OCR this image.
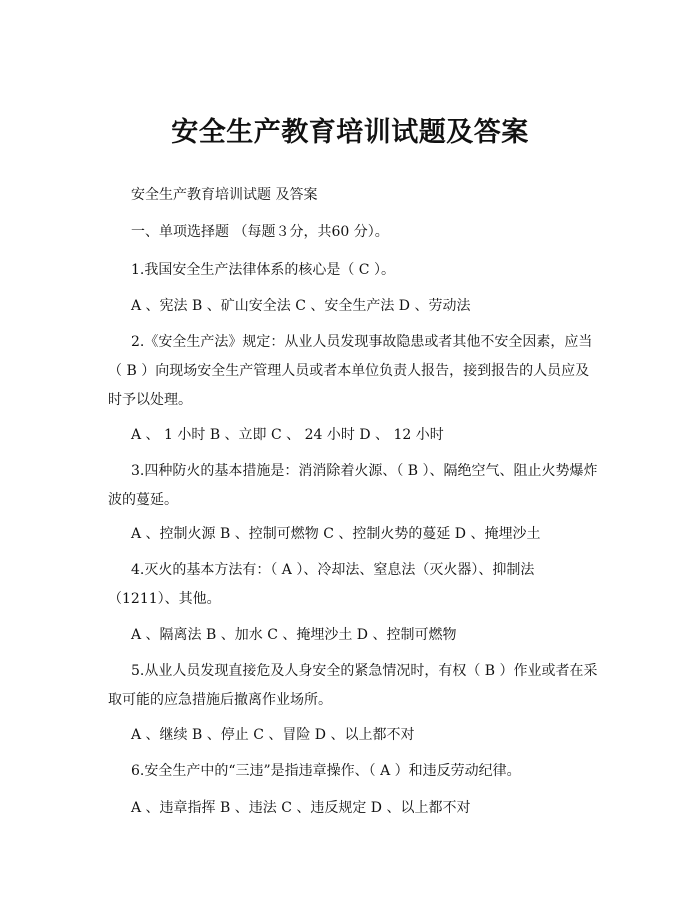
安全生产教育培训试题及答案
安全生产教育培训试题 及答案
一、单项选择题 （每题３分，共60 分）。
1.我国安全生产法律体系的核心是（ C ）。
A 、宪法 B 、矿山安全法 C 、安全生产法 D 、劳动法
2.《安全生产法》规定：从业人员发现事故隐患或者其他不安全因素，应当（ B ）向现场安全生产管理人员或者本单位负责人报告，接到报告的人员应及时予以处理。
A 、 1 小时 B 、立即 C 、 24 小时 D 、 12 小时
3.四种防火的基本措施是：消消除着火源、（ B ）、隔绝空气、阻止火势爆炸波的蔓延。
A 、控制火源 B 、控制可燃物 C 、控制火势的蔓延 D 、掩埋沙土
4.灭火的基本方法有：（ A ）、冷却法、窒息法（灭火器）、抑制法（1211）、其他。
A 、隔离法 B 、加水 C 、掩埋沙土 D 、控制可燃物
5.从业人员发现直接危及人身安全的紧急情况时，有权（ B ）作业或者在采取可能的应急措施后撤离作业场所。
A 、继续 B 、停止 C 、冒险 D 、以上都不对
6.安全生产中的“三违”是指违章操作、（ A ）和违反劳动纪律。
A 、违章指挥 B 、违法 C 、违反规定 D 、以上都不对
